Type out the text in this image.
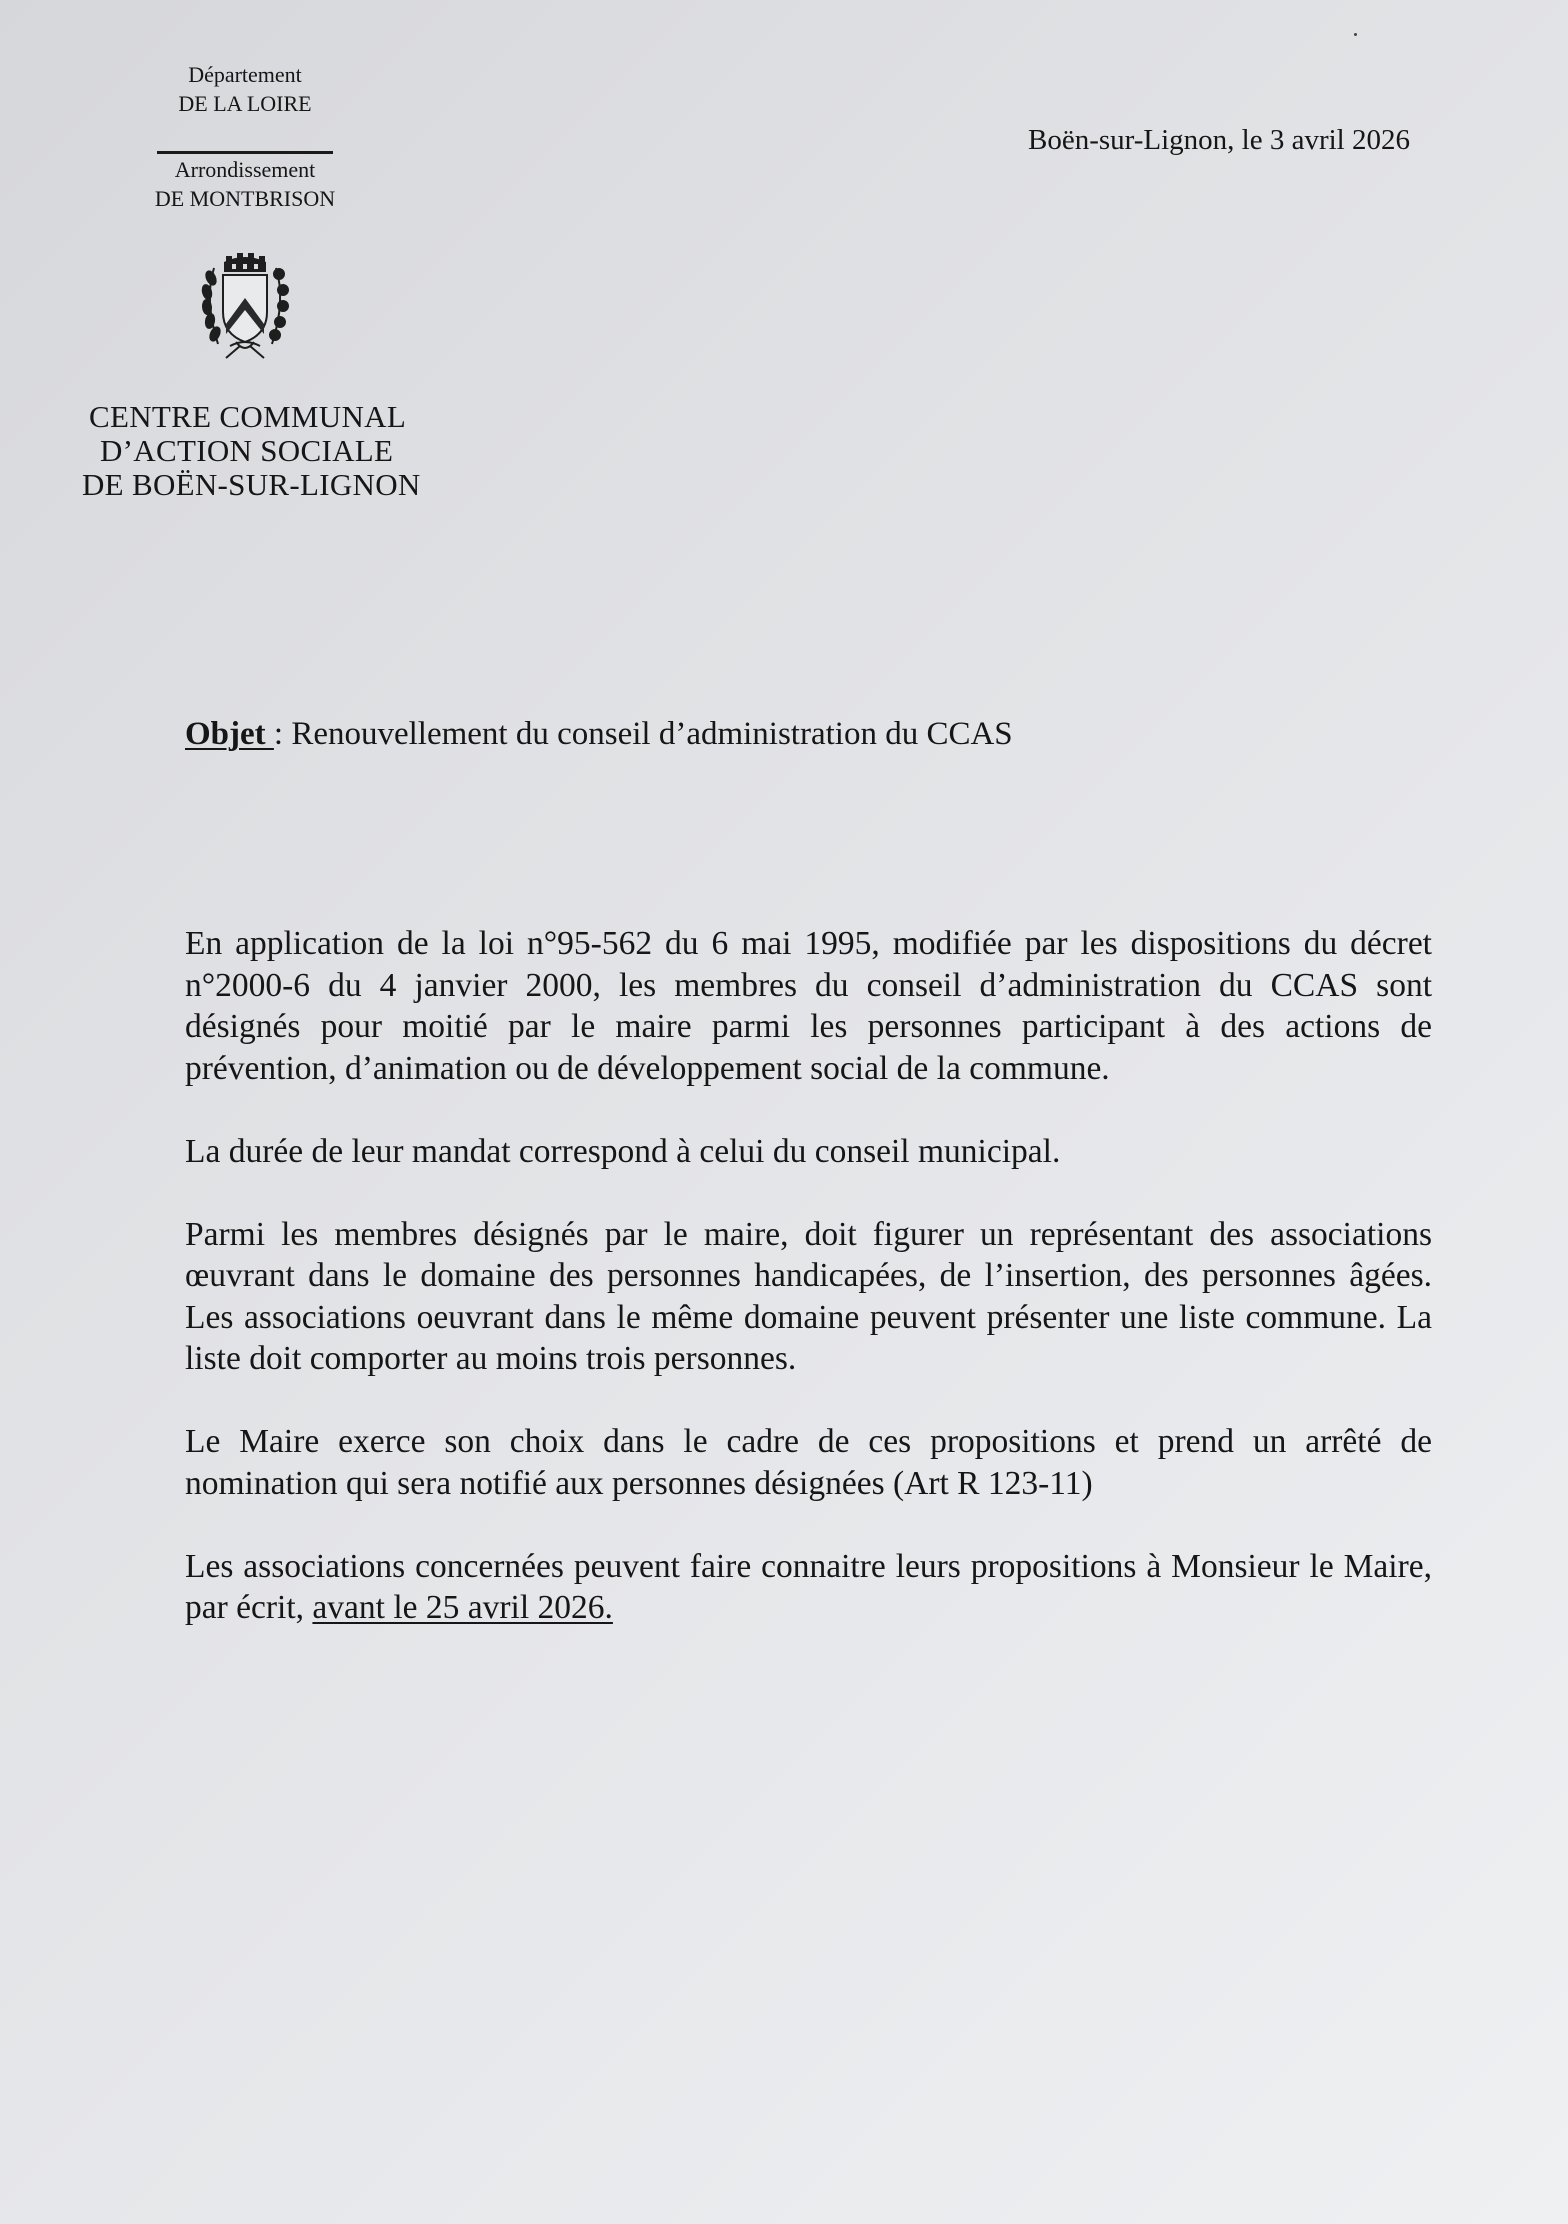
Département
DE LA LOIRE
Arrondissement
DE MONTBRISON
CENTRE COMMUNAL
D’ACTION SOCIALE
DE BOËN-SUR-LIGNON
Boën-sur-Lignon, le 3 avril 2026
Objet : Renouvellement du conseil d’administration du CCAS

En application de la loi n°95-562 du 6 mai 1995, modifiée par les dispositions du décret n°2000-6 du 4 janvier 2000, les membres du conseil d’administration du CCAS sont désignés pour moitié par le maire parmi les personnes participant à des actions de prévention, d’animation ou de développement social de la commune.

La durée de leur mandat correspond à celui du conseil municipal.

Parmi les membres désignés par le maire, doit figurer un représentant des associations œuvrant dans le domaine des personnes handicapées, de l’insertion, des personnes âgées. Les associations oeuvrant dans le même domaine peuvent présenter une liste commune. La liste doit comporter au moins trois personnes.

Le Maire exerce son choix dans le cadre de ces propositions et prend un arrêté de nomination qui sera notifié aux personnes désignées (Art R 123-11)

Les associations concernées peuvent faire connaitre leurs propositions à Monsieur le Maire, par écrit, avant le 25 avril 2026.
